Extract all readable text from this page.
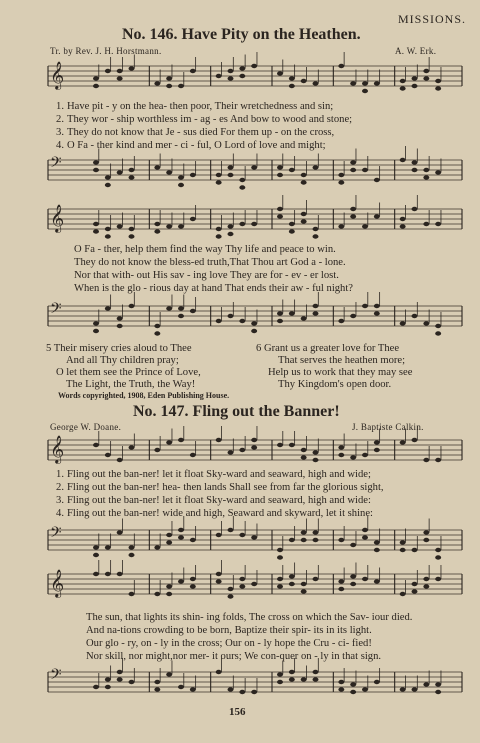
MISSIONS.
No. 146. Have Pity on the Heathen.
Tr. by Rev. J. H. Horstmann.	A. W. Erk.
𝄞
1. Have pit - y on the hea- then poor, Their wretchedness and sin;
2. They wor - ship worthless im - ag - es And bow to wood and stone;
3. They do not know that Je - sus died For them up - on the cross,
4. O Fa - ther kind and mer - ci - ful, O Lord of love and might;
𝄢
𝄞
O Fa - ther, help them find the way Thy life and peace to win.
They do not know the bless-ed truth,That Thou art God a - lone.
Nor that with- out His sav - ing love They are for - ev - er lost.
When is the glo - rious day at hand That ends their aw - ful night?
𝄢
5 Their misery cries aloud to Thee
And all Thy children pray;
O let them see the Prince of Love,
The Light, the Truth, the Way!
6 Grant us a greater love for Thee
That serves the heathen more;
Help us to work that they may see
Thy Kingdom's open door.
Words copyrighted, 1908, Eden Publishing House.
No. 147. Fling out the Banner!
George W. Doane.	J. Baptiste Calkin.
𝄞
1. Fling out the ban-ner! let it float Sky-ward and seaward, high and wide;
2. Fling out the ban-ner! hea- then lands Shall see from far the glorious sight,
3. Fling out the ban-ner! let it float Sky-ward and seaward, high and wide:
4. Fling out the ban-ner! wide and high, Seaward and skyward, let it shine:
𝄢
𝄞
The sun, that lights its shin- ing folds, The cross on which the Sav- iour died.
And na-tions crowding to be born, Baptize their spir- its in its light.
Our glo - ry, on - ly in the cross; Our on - ly hope the Cru - ci- fied!
Nor skill, nor might,nor mer- it ours; We con-quer on - ly in that sign.
𝄢
156
